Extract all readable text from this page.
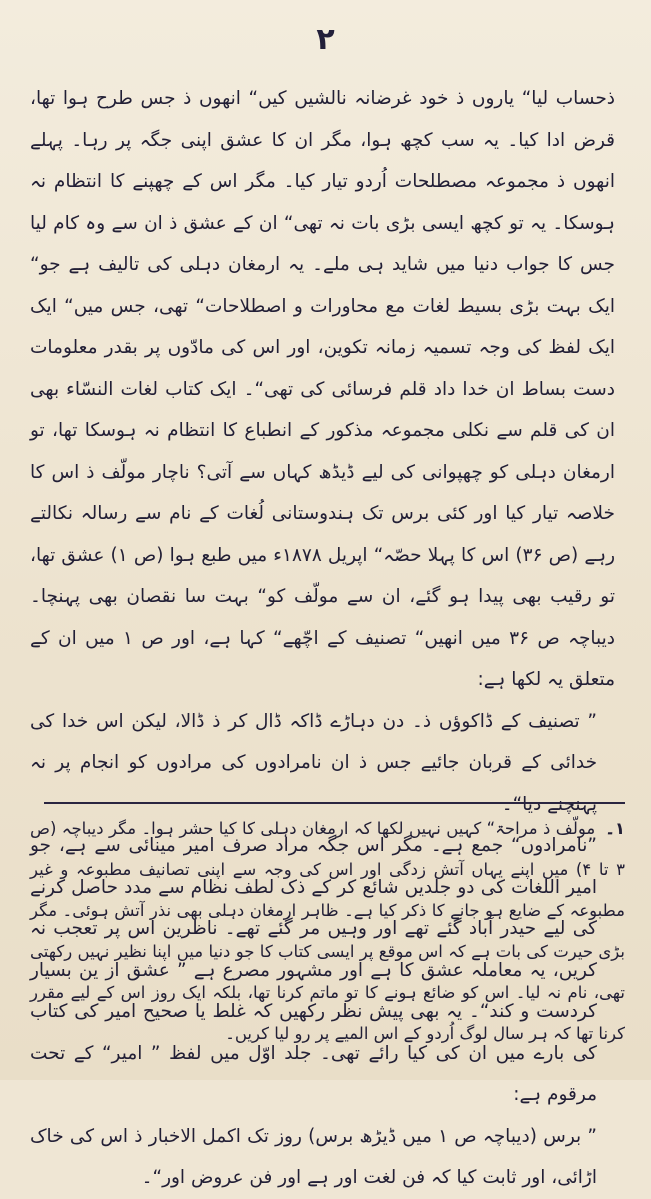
۲

ذحساب لیا“ یاروں ذ خود غرضانہ نالشیں کیں“ انھوں ذ جس طرح ہوا تھا، قرض ادا کیا۔ یہ سب کچھ ہوا، مگر ان کا عشق اپنی جگہ پر رہا۔ پہلے انھوں ذ مجموعہ مصطلحات اُردو تیار کیا۔ مگر اس کے چھپنے کا انتظام نہ ہوسکا۔ یہ تو کچھ ایسی بڑی بات نہ تھی“ ان کے عشق ذ ان سے وہ کام لیا جس کا جواب دنیا میں شاید ہی ملے۔ یہ ارمغان دہلی کی تالیف ہے جو“ ایک بہت بڑی بسیط لغات مع محاورات و اصطلاحات“ تھی، جس میں“ ایک ایک لفظ کی وجہ تسمیہ زمانہ تکوین، اور اس کی مادّوں پر بقدر معلومات دست بساط ان خدا داد قلم فرسائی کی تھی“۔ ایک کتاب لغات النسّاء بھی ان کی قلم سے نکلی مجموعہ مذکور کے انطباع کا انتظام نہ ہوسکا تھا، تو ارمغان دہلی کو چھپوانی کی لیے ڈیڈھ کہاں سے آتی؟ ناچار مولّف ذ اس کا خلاصہ تیار کیا اور کئی برس تک ہندوستانی لُغات کے نام سے رسالہ نکالتے رہے (ص ۳۶) اس کا پہلا حصّہ“ اپریل ۱۸۷۸ء میں طبع ہوا (ص ۱) عشق تھا، تو رقیب بھی پیدا ہو گئے، ان سے مولّف کو“ بہت سا نقصان بھی پہنچا۔ دیباچہ ص ۳۶ میں انھیں“ تصنیف کے اچّھے“ کہا ہے، اور ص ۱ میں ان کے متعلق یہ لکھا ہے:

” تصنیف کے ڈاکوؤں ذ۔ دن دہاڑے ڈاکہ ڈال کر ذ ڈالا، لیکن اس خدا کی خدائی کے قربان جائیے جس ذ ان نامرادوں کی مرادوں کو انجام پر نہ پہنچنے دیا“۔

”نامرادوں“ جمع ہے۔ مگر اس جگہ مراد صرف امیر مینائی سے ہے، جو امیر اللغات کی دو جلدیں شائع کر کے ذک لطف نظام سے مدد حاصل کرنے کی لیے حیدر آباد گئے تھے اور وہیں مر گئے تھے۔ ناظرین اس پر تعجب نہ کریں، یہ معاملہ عشق کا ہے اور مشہور مصرع ہے ” عشق از ین بسیار کردست و کند“۔ یہ بھی پیش نظر رکھیں کہ غلط یا صحیح امیر کی کتاب کی بارے میں ان کی کیا رائے تھی۔ جلد اوّل میں لفظ ” امیر“ کے تحت مرقوم ہے:

” برس (دیباچہ ص ۱ میں ڈیڑھ برس) روز تک اکمل الاخبار ذ اس کی خاک اڑائی، اور ثابت کیا کہ فن لغت اور ہے اور فن عروض اور“۔

۱۔مولّف ذ مراحۃ“ کہیں نہیں لکھا کہ ارمغان دہلی کا کیا حشر ہوا۔ مگر دیباچہ (ص ۳ تا ۴) میں اپنے یہاں آتش زدگی اور اس کی وجہ سے اپنی تصانیف مطبوعہ و غیر مطبوعہ کے ضایع ہو جانے کا ذکر کیا ہے۔ ظاہر ارمغان دہلی بھی نذر آتش ہوئی۔ مگر بڑی حیرت کی بات ہے کہ اس موقع پر ایسی کتاب کا جو دنیا میں اپنا نظیر نہیں رکھتی تھی، نام نہ لیا۔ اس کو ضائع ہونے کا تو ماتم کرنا تھا، بلکہ ایک روز اس کے لیے مقرر کرنا تھا کہ ہر سال لوگ اُردو کے اس المیے پر رو لیا کریں۔
